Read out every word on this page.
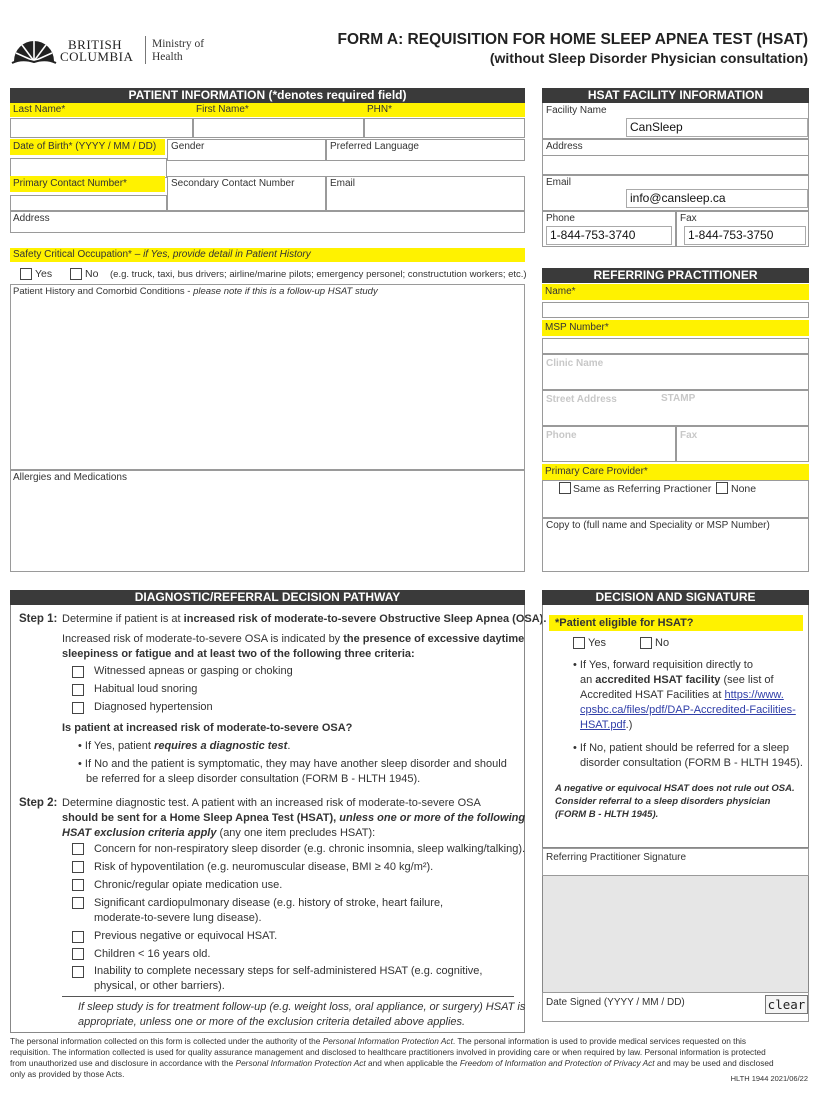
BRITISH
COLUMBIA
Ministry of
Health
FORM A: REQUISITION FOR HOME SLEEP APNEA TEST (HSAT)
(without Sleep Disorder Physician consultation)
PATIENT INFORMATION (*denotes required field)
Last Name*	First Name*	PHN*
Date of Birth* (YYYY / MM / DD)	Gender	Preferred Language
Primary Contact Number*	Secondary Contact Number	Email
Address
Safety Critical Occupation* – if Yes, provide detail in Patient History
Yes	No (e.g. truck, taxi, bus drivers; airline/marine pilots; emergency personel; constructution workers; etc.)
Patient History and Comorbid Conditions - please note if this is a follow-up HSAT study
Allergies and Medications
HSAT FACILITY INFORMATION
Facility Name
CanSleep
Address
Email
info@cansleep.ca
Phone
1-844-753-3740
Fax
1-844-753-3750
REFERRING PRACTITIONER
Name*
MSP Number*
Clinic Name
Street Address	STAMP
Phone	Fax
Primary Care Provider*
Same as Referring Practioner None
Copy to (full name and Speciality or MSP Number)
DIAGNOSTIC/REFERRAL DECISION PATHWAY
Step 1: Determine if patient is at increased risk of moderate-to-severe Obstructive Sleep Apnea (OSA).
Increased risk of moderate-to-severe OSA is indicated by the presence of excessive daytime
sleepiness or fatigue and at least two of the following three criteria:
Witnessed apneas or gasping or choking
Habitual loud snoring
Diagnosed hypertension
Is patient at increased risk of moderate-to-severe OSA?
• If Yes, patient requires a diagnostic test.
• If No and the patient is symptomatic, they may have another sleep disorder and should
be referred for a sleep disorder consultation (FORM B - HLTH 1945).
Step 2: Determine diagnostic test. A patient with an increased risk of moderate-to-severe OSA
should be sent for a Home Sleep Apnea Test (HSAT), unless one or more of the following
HSAT exclusion criteria apply (any one item precludes HSAT):
Concern for non-respiratory sleep disorder (e.g. chronic insomnia, sleep walking/talking).
Risk of hypoventilation (e.g. neuromuscular disease, BMI ≥ 40 kg/m²).
Chronic/regular opiate medication use.
Significant cardiopulmonary disease (e.g. history of stroke, heart failure,
moderate-to-severe lung disease).
Previous negative or equivocal HSAT.
Children < 16 years old.
Inability to complete necessary steps for self-administered HSAT (e.g. cognitive,
physical, or other barriers).
If sleep study is for treatment follow-up (e.g. weight loss, oral appliance, or surgery) HSAT is
appropriate, unless one or more of the exclusion criteria detailed above applies.
DECISION AND SIGNATURE
*Patient eligible for HSAT?
Yes	No
• If Yes, forward requisition directly to
an accredited HSAT facility (see list of
Accredited HSAT Facilities at https://www.
cpsbc.ca/files/pdf/DAP-Accredited-Facilities-
HSAT.pdf.)
• If No, patient should be referred for a sleep
disorder consultation (FORM B - HLTH 1945).
A negative or equivocal HSAT does not rule out OSA.
Consider referral to a sleep disorders physician
(FORM B - HLTH 1945).
Referring Practitioner Signature
Date Signed (YYYY / MM / DD)	clear
The personal information collected on this form is collected under the authority of the Personal Information Protection Act. The personal information is used to provide medical services requested on this
requisition. The information collected is used for quality assurance management and disclosed to healthcare practitioners involved in providing care or when required by law. Personal information is protected
from unauthorized use and disclosure in accordance with the Personal Information Protection Act and when applicable the Freedom of Information and Protection of Privacy Act and may be used and disclosed
only as provided by those Acts.	HLTH 1944 2021/06/22
